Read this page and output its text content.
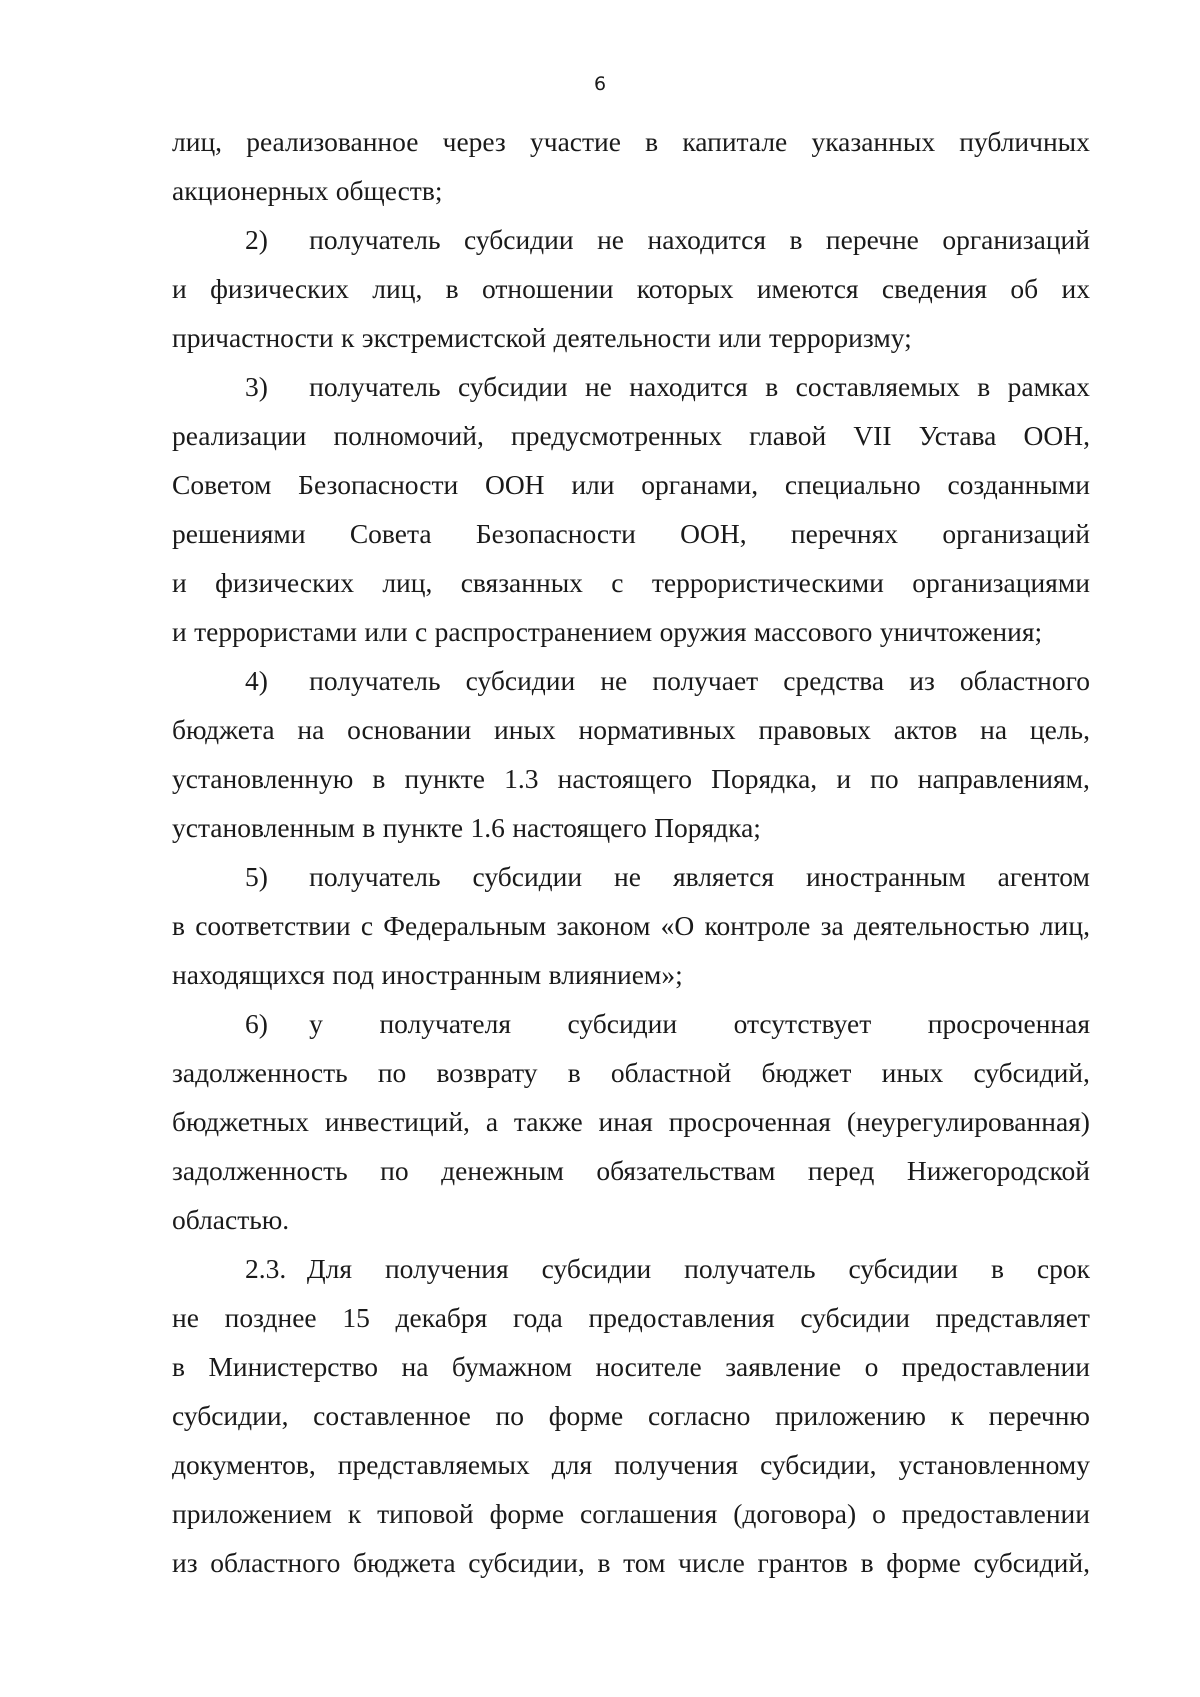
6
лиц, реализованное через участие в капитале указанных публичных
акционерных обществ;
2)      получатель субсидии не находится в перечне организаций
и физических лиц, в отношении которых имеются сведения об их
причастности к экстремистской деятельности или терроризму;
3)      получатель субсидии не находится в составляемых в рамках
реализации полномочий, предусмотренных главой VII Устава ООН,
Советом Безопасности ООН или органами, специально созданными
решениями Совета Безопасности ООН, перечнях организаций
и физических лиц, связанных с террористическими организациями
и террористами или с распространением оружия массового уничтожения;
4)      получатель субсидии не получает средства из областного
бюджета на основании иных нормативных правовых актов на цель,
установленную в пункте 1.3 настоящего Порядка, и по направлениям,
установленным в пункте 1.6 настоящего Порядка;
5)      получатель субсидии не является иностранным агентом
в соответствии с Федеральным законом «О контроле за деятельностью лиц,
находящихся под иностранным влиянием»;
6)      у получателя субсидии отсутствует просроченная
задолженность по возврату в областной бюджет иных субсидий,
бюджетных инвестиций, а также иная просроченная (неурегулированная)
задолженность по денежным обязательствам перед Нижегородской
областью.
2.3.   Для получения субсидии получатель субсидии в срок
не позднее 15 декабря года предоставления субсидии представляет
в Министерство на бумажном носителе заявление о предоставлении
субсидии, составленное по форме согласно приложению к перечню
документов, представляемых для получения субсидии, установленному
приложением к типовой форме соглашения (договора) о предоставлении
из областного бюджета субсидии, в том числе грантов в форме субсидий,
